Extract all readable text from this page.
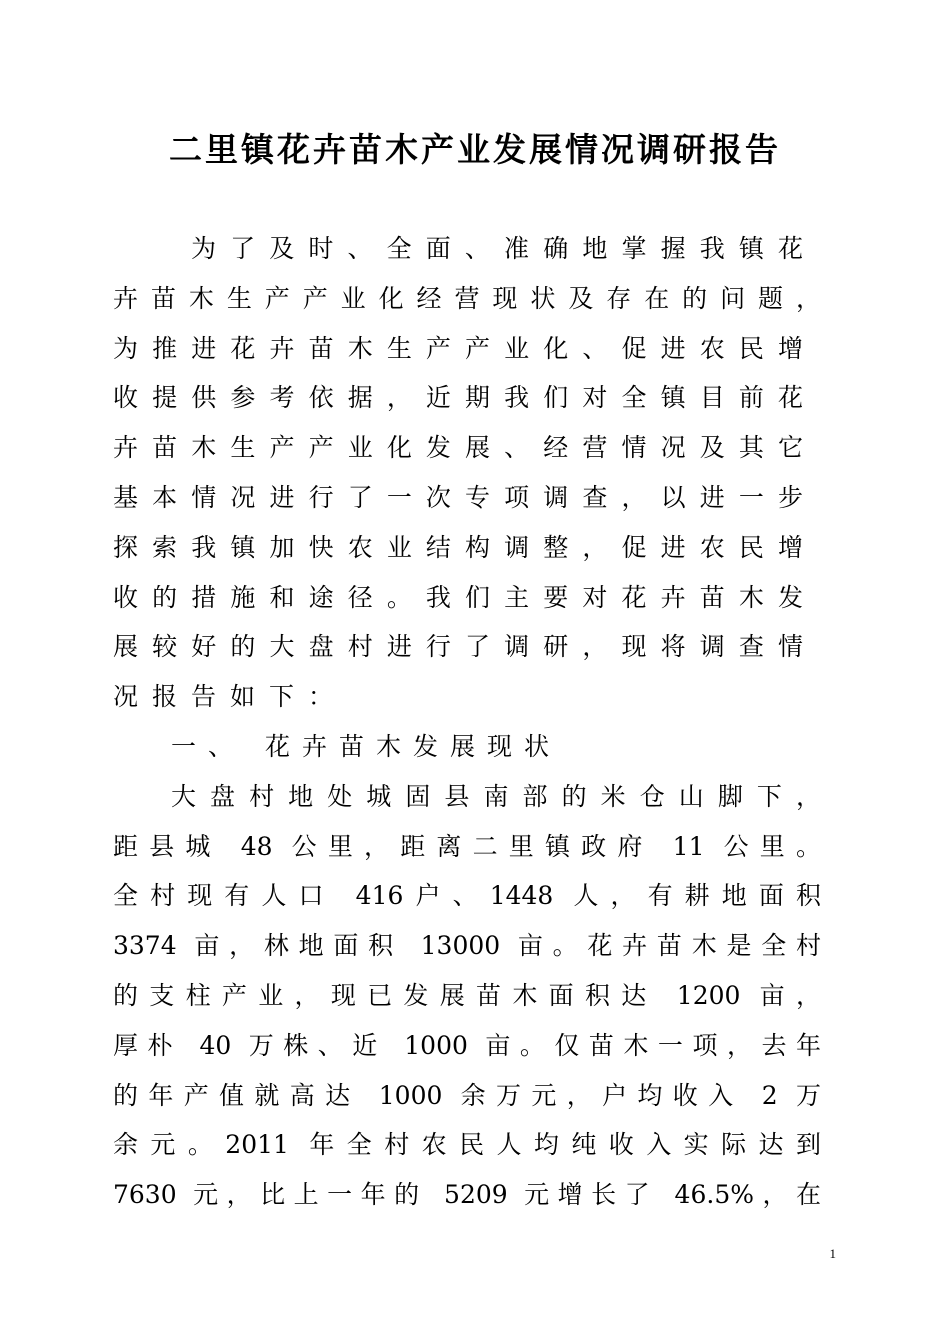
二里镇花卉苗木产业发展情况调研报告
为了及时、全面、准确地掌握我镇花
卉苗木生产产业化经营现状及存在的问题，
为推进花卉苗木生产产业化、促进农民增
收提供参考依据，近期我们对全镇目前花
卉苗木生产产业化发展、经营情况及其它
基本情况进行了一次专项调查，以进一步
探索我镇加快农业结构调整，促进农民增
收的措施和途径。我们主要对花卉苗木发
展较好的大盘村进行了调研，现将调查情
况报告如下：
一、 花卉苗木发展现状
大盘村地处城固县南部的米仓山脚下，
距县城 48 公里，距离二里镇政府 11 公里。
全村现有人口 416户、1448 人，有耕地面积
3374 亩，林地面积 13000 亩。花卉苗木是全村
的支柱产业，现已发展苗木面积达 1200 亩，
厚朴 40 万株、近 1000 亩。仅苗木一项，去年
的年产值就高达 1000 余万元，户均收入 2 万
余元。2011 年全村农民人均纯收入实际达到
7630 元，比上一年的 5209 元增长了 46.5%，在
1
